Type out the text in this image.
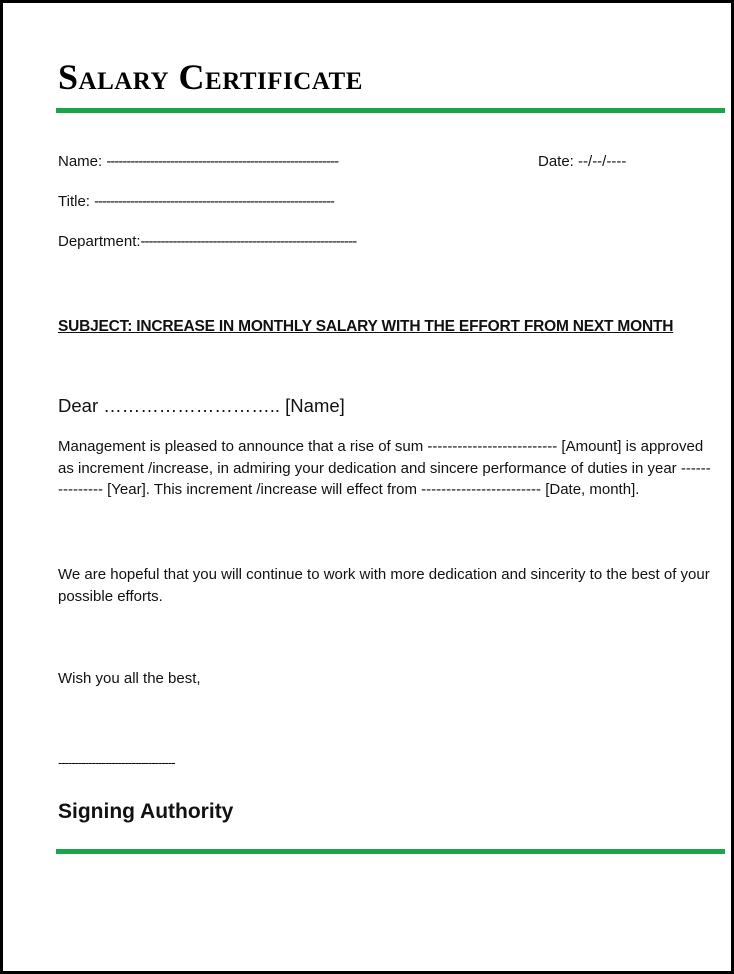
Salary Certificate
Name: ----------------------------------------------------------	Date: --/--/----
Title: ------------------------------------------------------------
Department:------------------------------------------------------
SUBJECT: INCREASE IN MONTHLY SALARY WITH THE EFFORT FROM NEXT MONTH
Dear ……………………….. [Name]
Management is pleased to announce that a rise of sum -------------------------- [Amount] is approved as increment /increase, in admiring your dedication and sincere performance of duties in year --------------- [Year]. This increment /increase will effect from ------------------------ [Date, month].
We are hopeful that you will continue to work with more dedication and sincerity to the best of your possible efforts.
Wish you all the best,
-----------------------------------
Signing Authority
